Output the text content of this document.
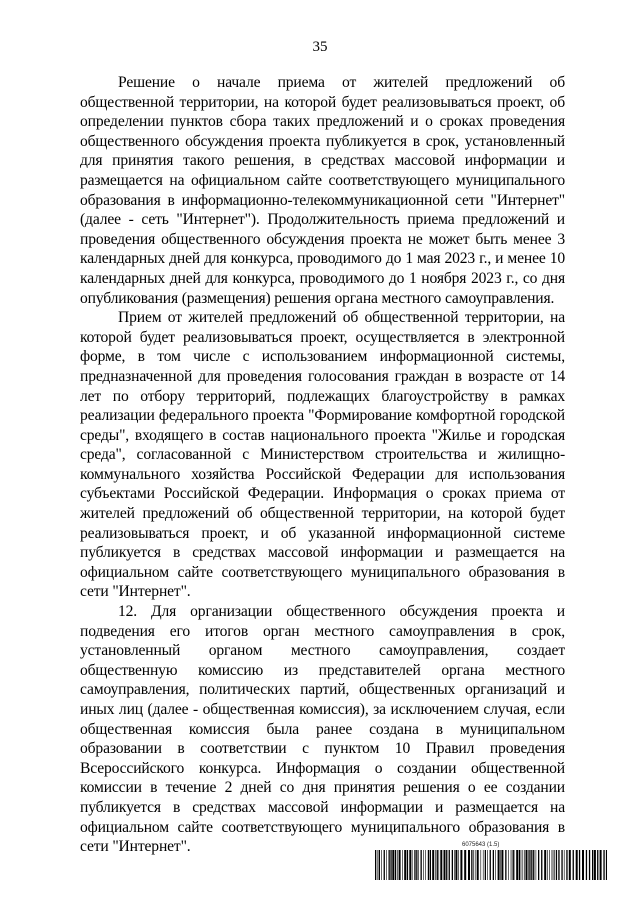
35

Решение о начале приема от жителей предложений об общественной территории, на которой будет реализовываться проект, об определении пунктов сбора таких предложений и о сроках проведения общественного обсуждения проекта публикуется в срок, установленный для принятия такого решения, в средствах массовой информации и размещается на официальном сайте соответствующего муниципального образования в информационно-телекоммуникационной сети "Интернет" (далее - сеть "Интернет"). Продолжительность приема предложений и проведения общественного обсуждения проекта не может быть менее 3 календарных дней для конкурса, проводимого до 1 мая 2023 г., и менее 10 календарных дней для конкурса, проводимого до 1 ноября 2023 г., со дня опубликования (размещения) решения органа местного самоуправления.

Прием от жителей предложений об общественной территории, на которой будет реализовываться проект, осуществляется в электронной форме, в том числе с использованием информационной системы, предназначенной для проведения голосования граждан в возрасте от 14 лет по отбору территорий, подлежащих благоустройству в рамках реализации федерального проекта "Формирование комфортной городской среды", входящего в состав национального проекта "Жилье и городская среда", согласованной с Министерством строительства и жилищно-коммунального хозяйства Российской Федерации для использования субъектами Российской Федерации. Информация о сроках приема от жителей предложений об общественной территории, на которой будет реализовываться проект, и об указанной информационной системе публикуется в средствах массовой информации и размещается на официальном сайте соответствующего муниципального образования в сети "Интернет".

12. Для организации общественного обсуждения проекта и подведения его итогов орган местного самоуправления в срок, установленный органом местного самоуправления, создает общественную комиссию из представителей органа местного самоуправления, политических партий, общественных организаций и иных лиц (далее - общественная комиссия), за исключением случая, если общественная комиссия была ранее создана в муниципальном образовании в соответствии с пунктом 10 Правил проведения Всероссийского конкурса. Информация о создании общественной комиссии в течение 2 дней со дня принятия решения о ее создании публикуется в средствах массовой информации и размещается на официальном сайте соответствующего муниципального образования в сети "Интернет".	6075643 (1.5)
